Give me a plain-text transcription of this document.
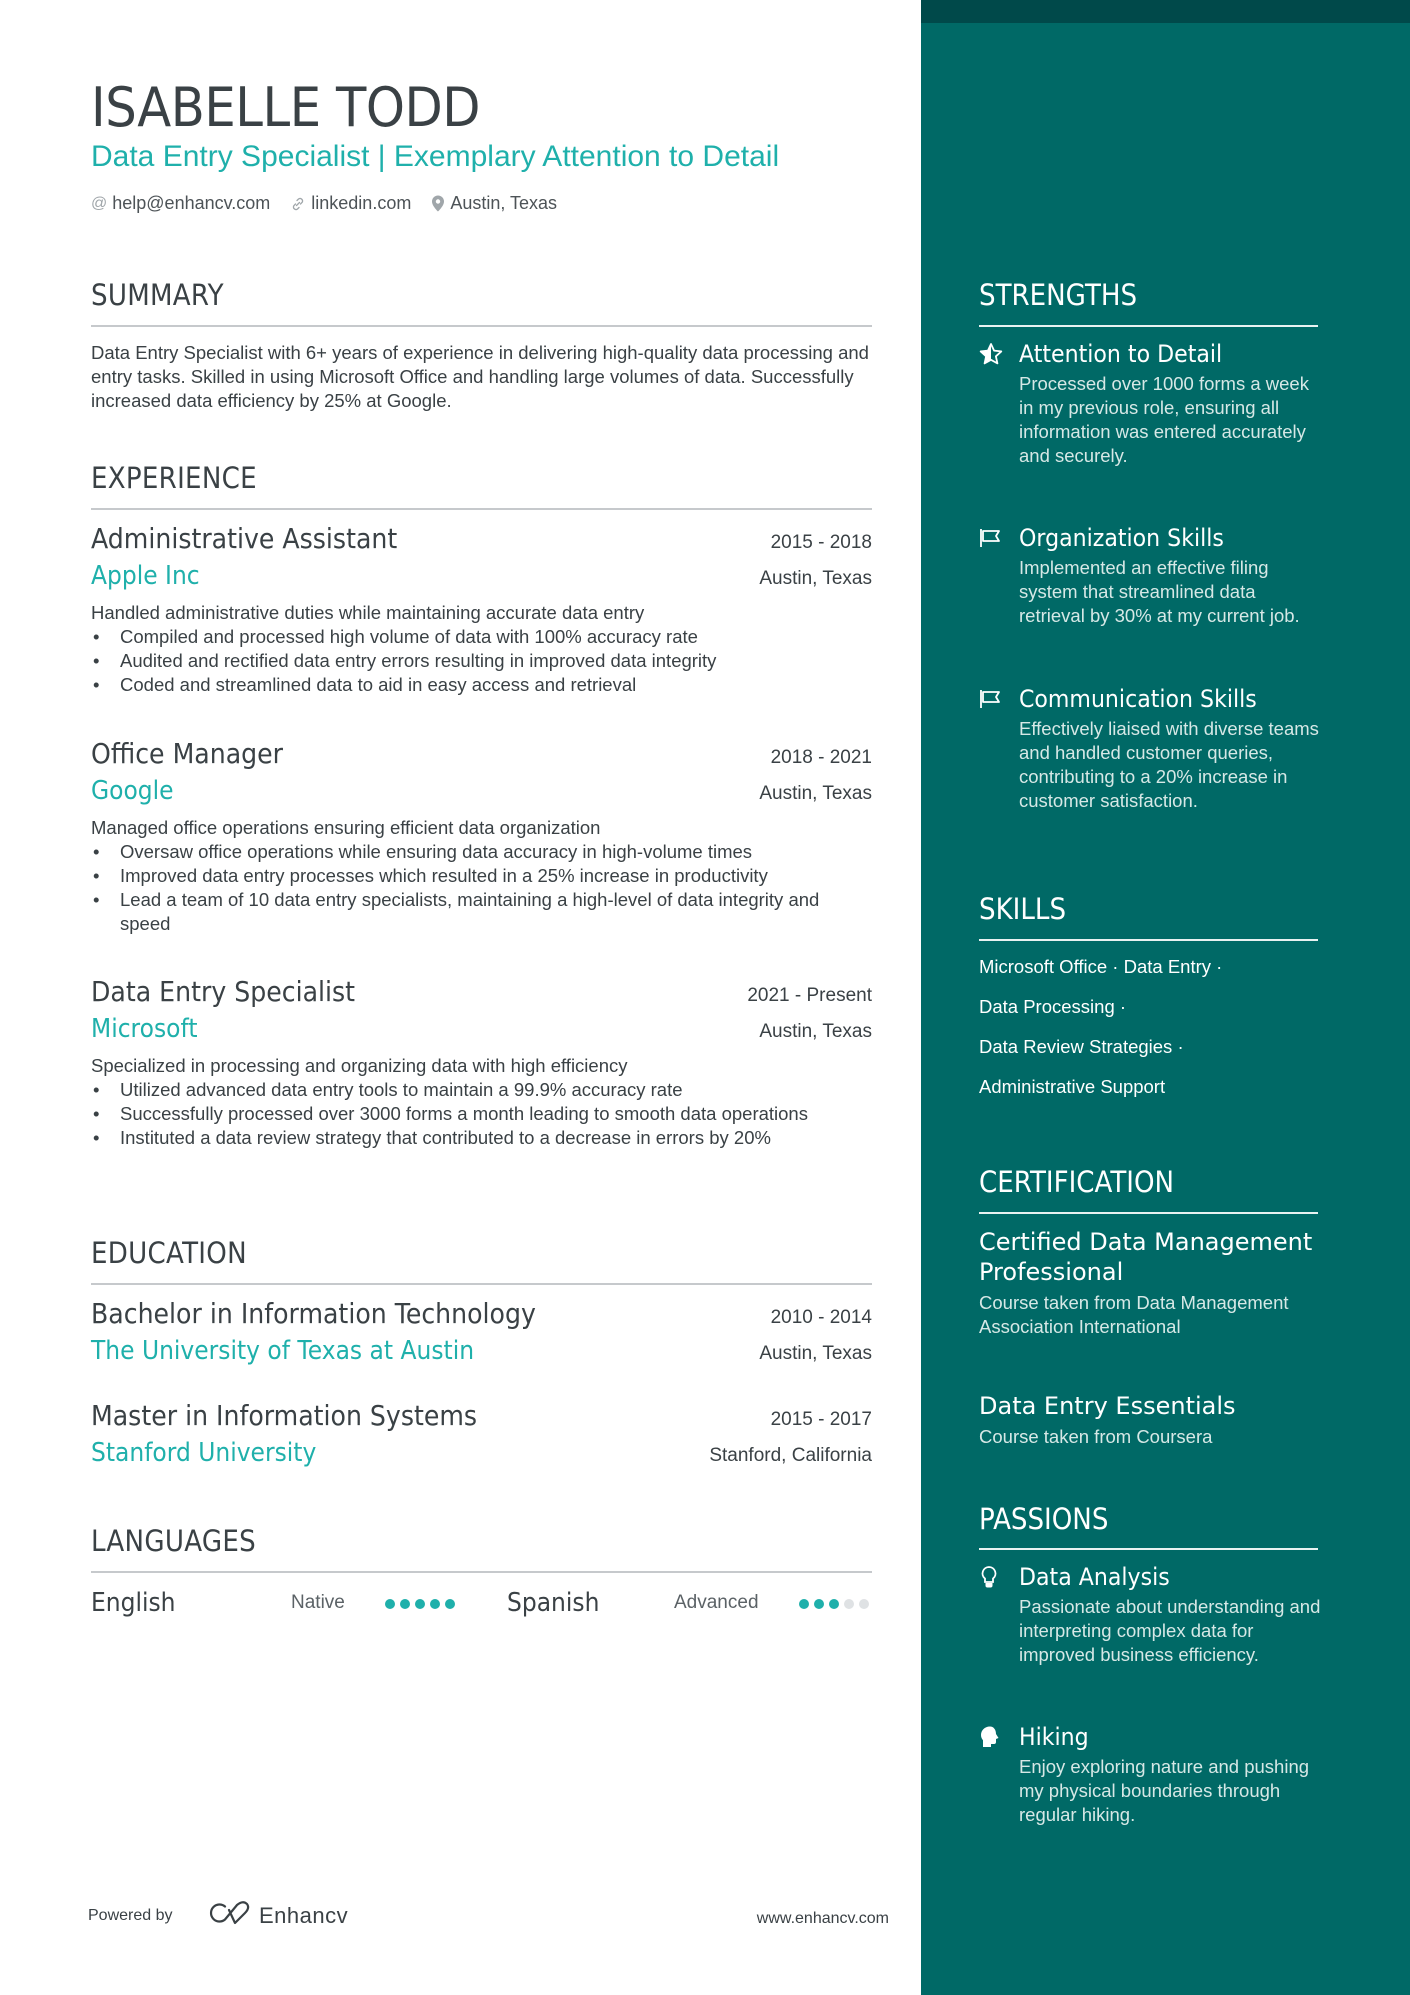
ISABELLE TODD
Data Entry Specialist | Exemplary Attention to Detail
@ help@enhancv.com linkedin.com Austin, Texas
SUMMARY
Data Entry Specialist with 6+ years of experience in delivering high-quality data processing and entry tasks. Skilled in using Microsoft Office and handling large volumes of data. Successfully increased data efficiency by 25% at Google.
EXPERIENCE
Administrative Assistant	2015 - 2018
Apple Inc	Austin, Texas
Handled administrative duties while maintaining accurate data entry
• Compiled and processed high volume of data with 100% accuracy rate
• Audited and rectified data entry errors resulting in improved data integrity
• Coded and streamlined data to aid in easy access and retrieval
Office Manager	2018 - 2021
Google	Austin, Texas
Managed office operations ensuring efficient data organization
• Oversaw office operations while ensuring data accuracy in high-volume times
• Improved data entry processes which resulted in a 25% increase in productivity
• Lead a team of 10 data entry specialists, maintaining a high-level of data integrity and speed
Data Entry Specialist	2021 - Present
Microsoft	Austin, Texas
Specialized in processing and organizing data with high efficiency
• Utilized advanced data entry tools to maintain a 99.9% accuracy rate
• Successfully processed over 3000 forms a month leading to smooth data operations
• Instituted a data review strategy that contributed to a decrease in errors by 20%
EDUCATION
Bachelor in Information Technology	2010 - 2014
The University of Texas at Austin	Austin, Texas
Master in Information Systems	2015 - 2017
Stanford University	Stanford, California
LANGUAGES
English	Native	Spanish	Advanced
Powered by	Enhancv	www.enhancv.com
STRENGTHS
Attention to Detail
Processed over 1000 forms a week in my previous role, ensuring all information was entered accurately and securely.
Organization Skills
Implemented an effective filing system that streamlined data retrieval by 30% at my current job.
Communication Skills
Effectively liaised with diverse teams and handled customer queries, contributing to a 20% increase in customer satisfaction.
SKILLS
Microsoft Office · Data Entry ·
Data Processing ·
Data Review Strategies ·
Administrative Support
CERTIFICATION
Certified Data Management Professional
Course taken from Data Management Association International
Data Entry Essentials
Course taken from Coursera
PASSIONS
Data Analysis
Passionate about understanding and interpreting complex data for improved business efficiency.
Hiking
Enjoy exploring nature and pushing my physical boundaries through regular hiking.
